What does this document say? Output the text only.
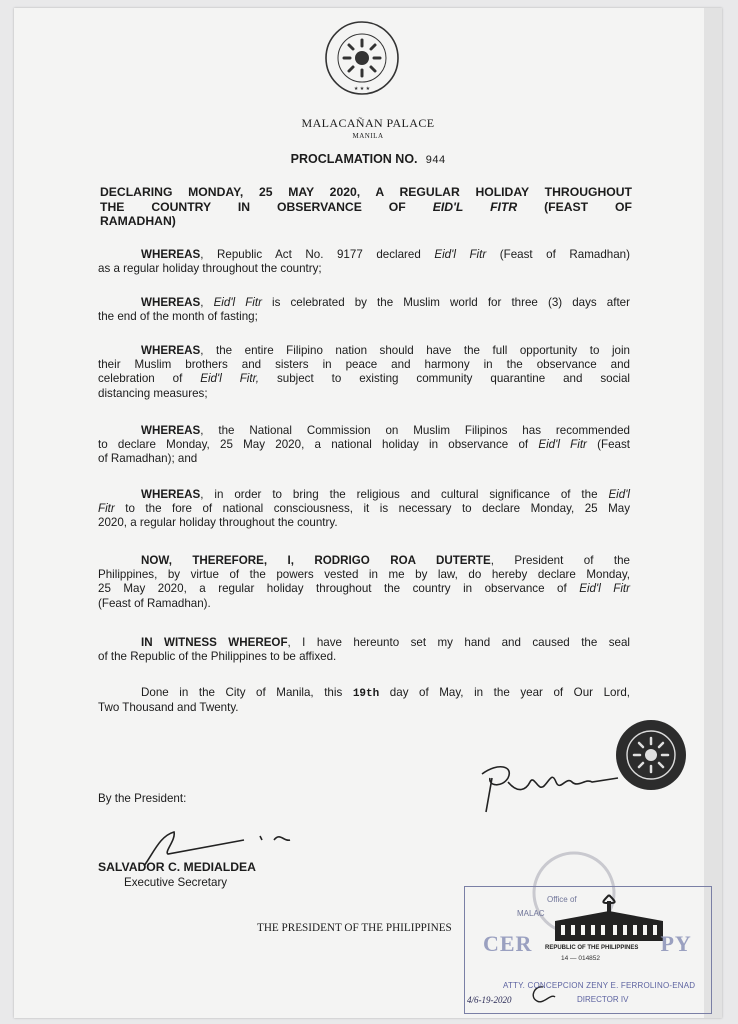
★ ★ ★
MALACAÑAN PALACE
MANILA
PROCLAMATION NO. 944
DECLARING MONDAY, 25 MAY 2020, A REGULAR HOLIDAY THROUGHOUT
THE COUNTRY IN OBSERVANCE OF EID'L FITR (FEAST OF
RAMADHAN)
WHEREAS, Republic Act No. 9177 declared Eid'l Fitr (Feast of Ramadhan)
as a regular holiday throughout the country;
WHEREAS, Eid'l Fitr is celebrated by the Muslim world for three (3) days after
the end of the month of fasting;
WHEREAS, the entire Filipino nation should have the full opportunity to join
their Muslim brothers and sisters in peace and harmony in the observance and
celebration of Eid'l Fitr, subject to existing community quarantine and social
distancing measures;
WHEREAS, the National Commission on Muslim Filipinos has recommended
to declare Monday, 25 May 2020, a national holiday in observance of Eid'l Fitr (Feast
of Ramadhan); and
WHEREAS, in order to bring the religious and cultural significance of the Eid'l
Fitr to the fore of national consciousness, it is necessary to declare Monday, 25 May
2020, a regular holiday throughout the country.
NOW, THEREFORE, I, RODRIGO ROA DUTERTE, President of the
Philippines, by virtue of the powers vested in me by law, do hereby declare Monday,
25 May 2020, a regular holiday throughout the country in observance of Eid'l Fitr
(Feast of Ramadhan).
IN WITNESS WHEREOF, I have hereunto set my hand and caused the seal
of the Republic of the Philippines to be affixed.
Done in the City of Manila, this 19th day of May, in the year of Our Lord,
Two Thousand and Twenty.
By the President:
SALVADOR C. MEDIALDEA
Executive Secretary
THE PRESIDENT OF THE PHILIPPINES
Office of
MALAC
CER	PY
REPUBLIC OF THE PHILIPPINES
14 — 014852
ATTY. CONCEPCION ZENY E. FERROLINO-ENAD
4/6-19-2020	DIRECTOR IV
